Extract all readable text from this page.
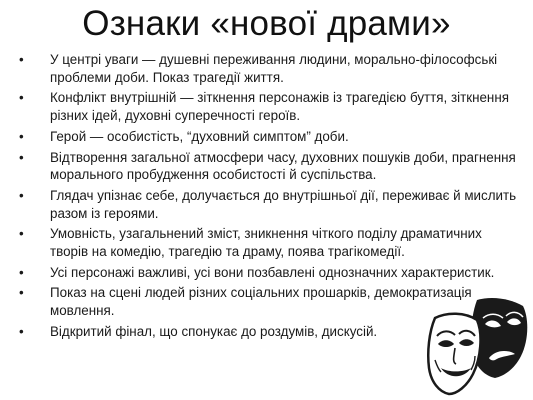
Ознаки «нової драми»
• У центрі уваги — душевні переживання людини, морально-філософські проблеми доби. Показ трагедії життя.
• Конфлікт внутрішній — зіткнення персонажів із трагедією буття, зіткнення різних ідей, духовні суперечності героїв.
• Герой — особистість, “духовний симптом” доби.
• Відтворення загальної атмосфери часу, духовних пошуків доби, прагнення морального пробудження особистості й суспільства.
• Глядач упізнає себе, долучається до внутрішньої дії, переживає й мислить разом із героями.
• Умовність, узагальнений зміст, зникнення чіткого поділу драматичних творів на комедію, трагедію та драму, поява трагікомедії.
• Усі персонажі важливі, усі вони позбавлені однозначних характеристик.
• Показ на сцені людей різних соціальних прошарків, демократизація мовлення.
• Відкритий фінал, що спонукає до роздумів, дискусій.
